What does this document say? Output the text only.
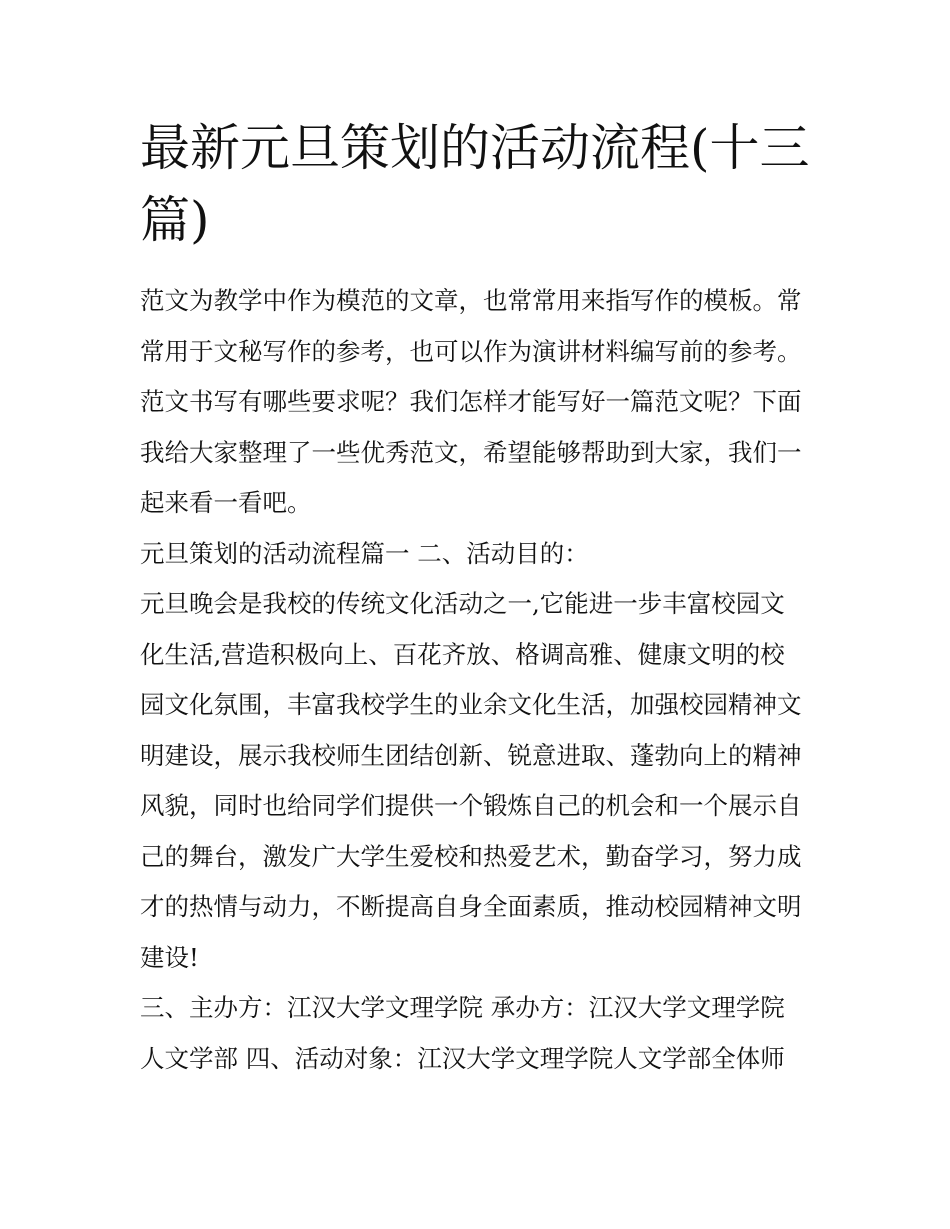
最新元旦策划的活动流程(十三
篇)
范文为教学中作为模范的文章，也常常用来指写作的模板。常
常用于文秘写作的参考，也可以作为演讲材料编写前的参考。
范文书写有哪些要求呢？我们怎样才能写好一篇范文呢？下面
我给大家整理了一些优秀范文，希望能够帮助到大家，我们一
起来看一看吧。
元旦策划的活动流程篇一 二、活动目的：
元旦晚会是我校的传统文化活动之一,它能进一步丰富校园文
化生活,营造积极向上、百花齐放、格调高雅、健康文明的校
园文化氛围，丰富我校学生的业余文化生活，加强校园精神文
明建设，展示我校师生团结创新、锐意进取、蓬勃向上的精神
风貌，同时也给同学们提供一个锻炼自己的机会和一个展示自
己的舞台，激发广大学生爱校和热爱艺术，勤奋学习，努力成
才的热情与动力，不断提高自身全面素质，推动校园精神文明
建设!
三、主办方：江汉大学文理学院 承办方：江汉大学文理学院
人文学部 四、活动对象：江汉大学文理学院人文学部全体师
